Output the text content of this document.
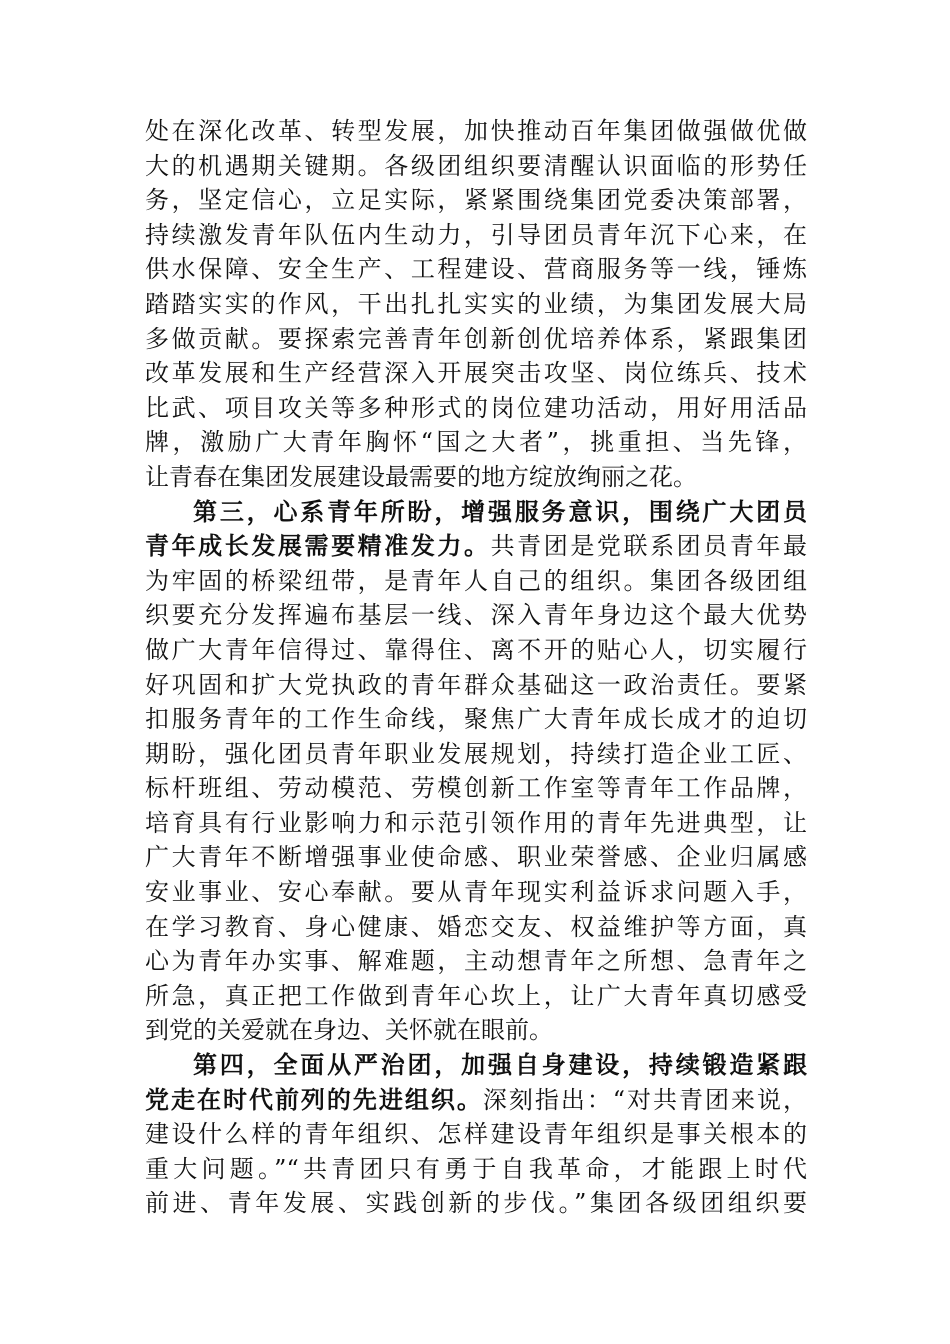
处在深化改革、转型发展，加快推动百年集团做强做优做
大的机遇期关键期。各级团组织要清醒认识面临的形势任
务，坚定信心，立足实际，紧紧围绕集团党委决策部署，
持续激发青年队伍内生动力，引导团员青年沉下心来，在
供水保障、安全生产、工程建设、营商服务等一线，锤炼
踏踏实实的作风，干出扎扎实实的业绩，为集团发展大局
多做贡献。要探索完善青年创新创优培养体系，紧跟集团
改革发展和生产经营深入开展突击攻坚、岗位练兵、技术
比武、项目攻关等多种形式的岗位建功活动，用好用活品
牌，激励广大青年胸怀“国之大者”，挑重担、当先锋，
让青春在集团发展建设最需要的地方绽放绚丽之花。
第三，心系青年所盼，增强服务意识，围绕广大团员
青年成长发展需要精准发力。共青团是党联系团员青年最
为牢固的桥梁纽带，是青年人自己的组织。集团各级团组
织要充分发挥遍布基层一线、深入青年身边这个最大优势
做广大青年信得过、靠得住、离不开的贴心人，切实履行
好巩固和扩大党执政的青年群众基础这一政治责任。要紧
扣服务青年的工作生命线，聚焦广大青年成长成才的迫切
期盼，强化团员青年职业发展规划，持续打造企业工匠、
标杆班组、劳动模范、劳模创新工作室等青年工作品牌，
培育具有行业影响力和示范引领作用的青年先进典型，让
广大青年不断增强事业使命感、职业荣誉感、企业归属感
安业事业、安心奉献。要从青年现实利益诉求问题入手，
在学习教育、身心健康、婚恋交友、权益维护等方面，真
心为青年办实事、解难题，主动想青年之所想、急青年之
所急，真正把工作做到青年心坎上，让广大青年真切感受
到党的关爱就在身边、关怀就在眼前。
第四，全面从严治团，加强自身建设，持续锻造紧跟
党走在时代前列的先进组织。深刻指出：“对共青团来说，
建设什么样的青年组织、怎样建设青年组织是事关根本的
重大问题。”“共青团只有勇于自我革命，才能跟上时代
前进、青年发展、实践创新的步伐。”集团各级团组织要
